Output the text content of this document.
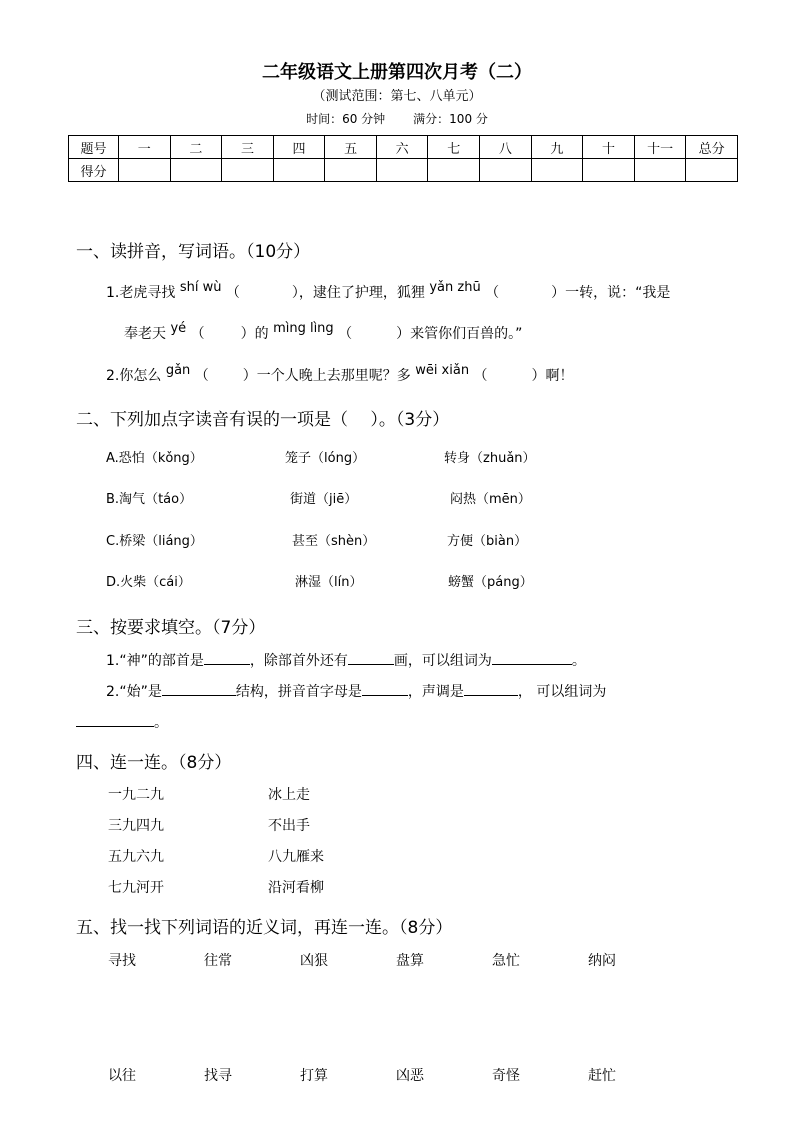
二年级语文上册第四次月考（二）
（测试范围：第七、八单元）
时间：60 分钟 满分：100 分
题号	一	二	三	四	五	六	七	八	九	十	十一	总分
得分												
一、读拼音，写词语。（10分）
1.老虎寻找 shí wù （	），逮住了护理，狐狸 yǎn zhū （	）一转，说：“我是
奉老天 yé （	）的 mìng lìng （	）来管你们百兽的。”
2.你怎么 gǎn （ ）一个人晚上去那里呢？多 wēi xiǎn （	）啊！
二、下列加点字读音有误的一项是（　 ）。（3分）
A.恐怕（kǒng）	笼子（lóng）	转身（zhuǎn）
B.淘气（táo）	街道（jiē）	闷热（mēn）
C.桥梁（liáng）	甚至（shèn）	方便（biàn）
D.火柴（cái）	淋湿（lín）	螃蟹（páng）
三、按要求填空。（7分）
1.“神”的部首是	，除部首外还有	画，可以组词为	。
2.“始”是	结构，拼音首字母是	，声调是	， 可以组词为
。
四、连一连。（8分）
一九二九	冰上走
三九四九	不出手
五九六九	八九雁来
七九河开	沿河看柳
五、找一找下列词语的近义词，再连一连。（8分）
寻找	往常	凶狠	盘算	急忙	纳闷
以往	找寻	打算	凶恶	奇怪	赶忙
